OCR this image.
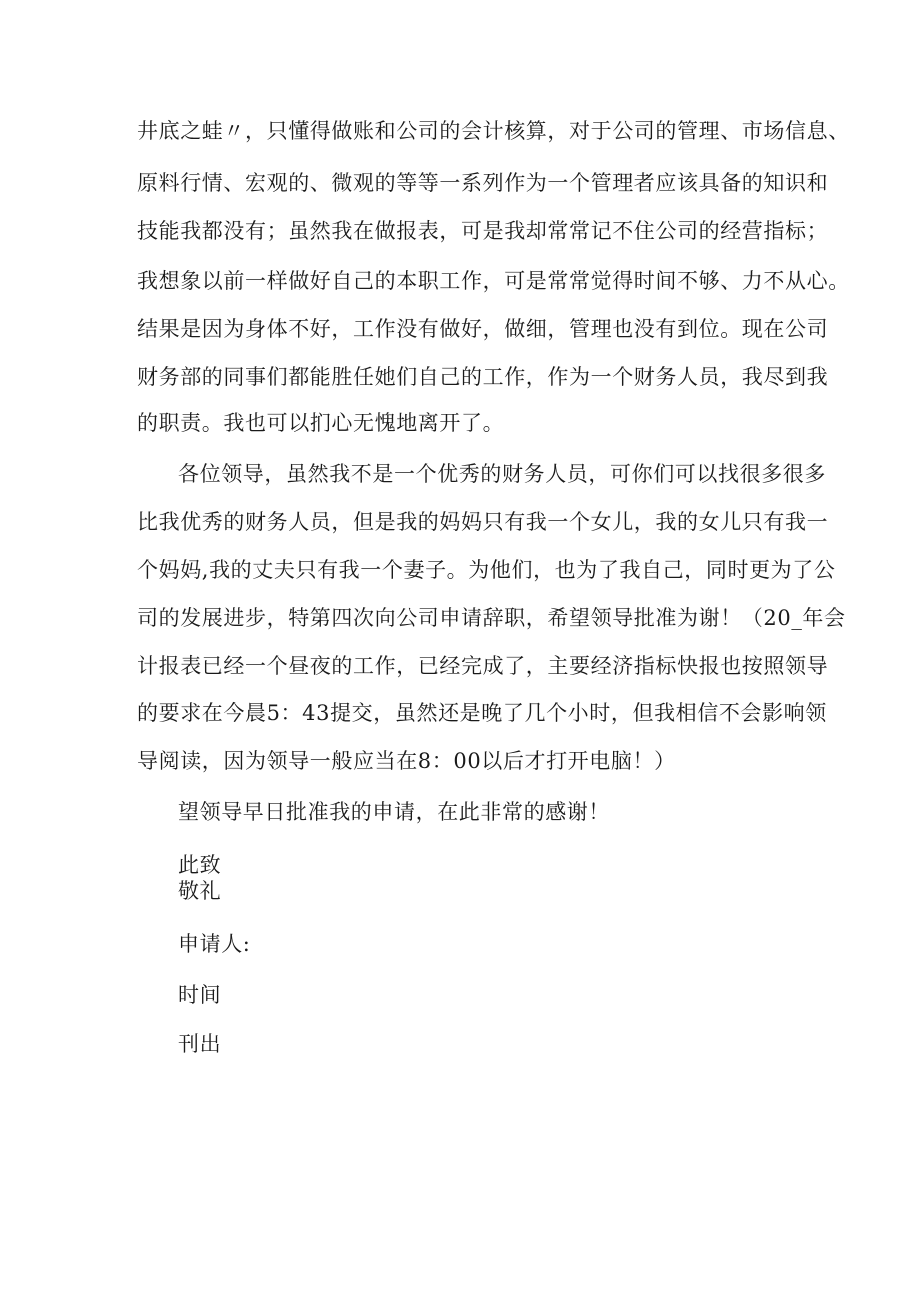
井底之蛙〃，只懂得做账和公司的会计核算，对于公司的管理、市场信息、
原料行情、宏观的、微观的等等一系列作为一个管理者应该具备的知识和
技能我都没有；虽然我在做报表，可是我却常常记不住公司的经营指标；
我想象以前一样做好自己的本职工作，可是常常觉得时间不够、力不从心。
结果是因为身体不好，工作没有做好，做细，管理也没有到位。现在公司
财务部的同事们都能胜任她们自己的工作，作为一个财务人员，我尽到我
的职责。我也可以扪心无愧地离开了。
各位领导，虽然我不是一个优秀的财务人员，可你们可以找很多很多
比我优秀的财务人员，但是我的妈妈只有我一个女儿，我的女儿只有我一
个妈妈,我的丈夫只有我一个妻子。为他们，也为了我自己，同时更为了公
司的发展进步，特第四次向公司申请辞职，希望领导批准为谢！（20_年会
计报表已经一个昼夜的工作，已经完成了，主要经济指标快报也按照领导
的要求在今晨5：43提交，虽然还是晚了几个小时，但我相信不会影响领
导阅读，因为领导一般应当在8：00以后才打开电脑！）
望领导早日批准我的申请，在此非常的感谢！
此致
敬礼
申请人:
时间
刊出
